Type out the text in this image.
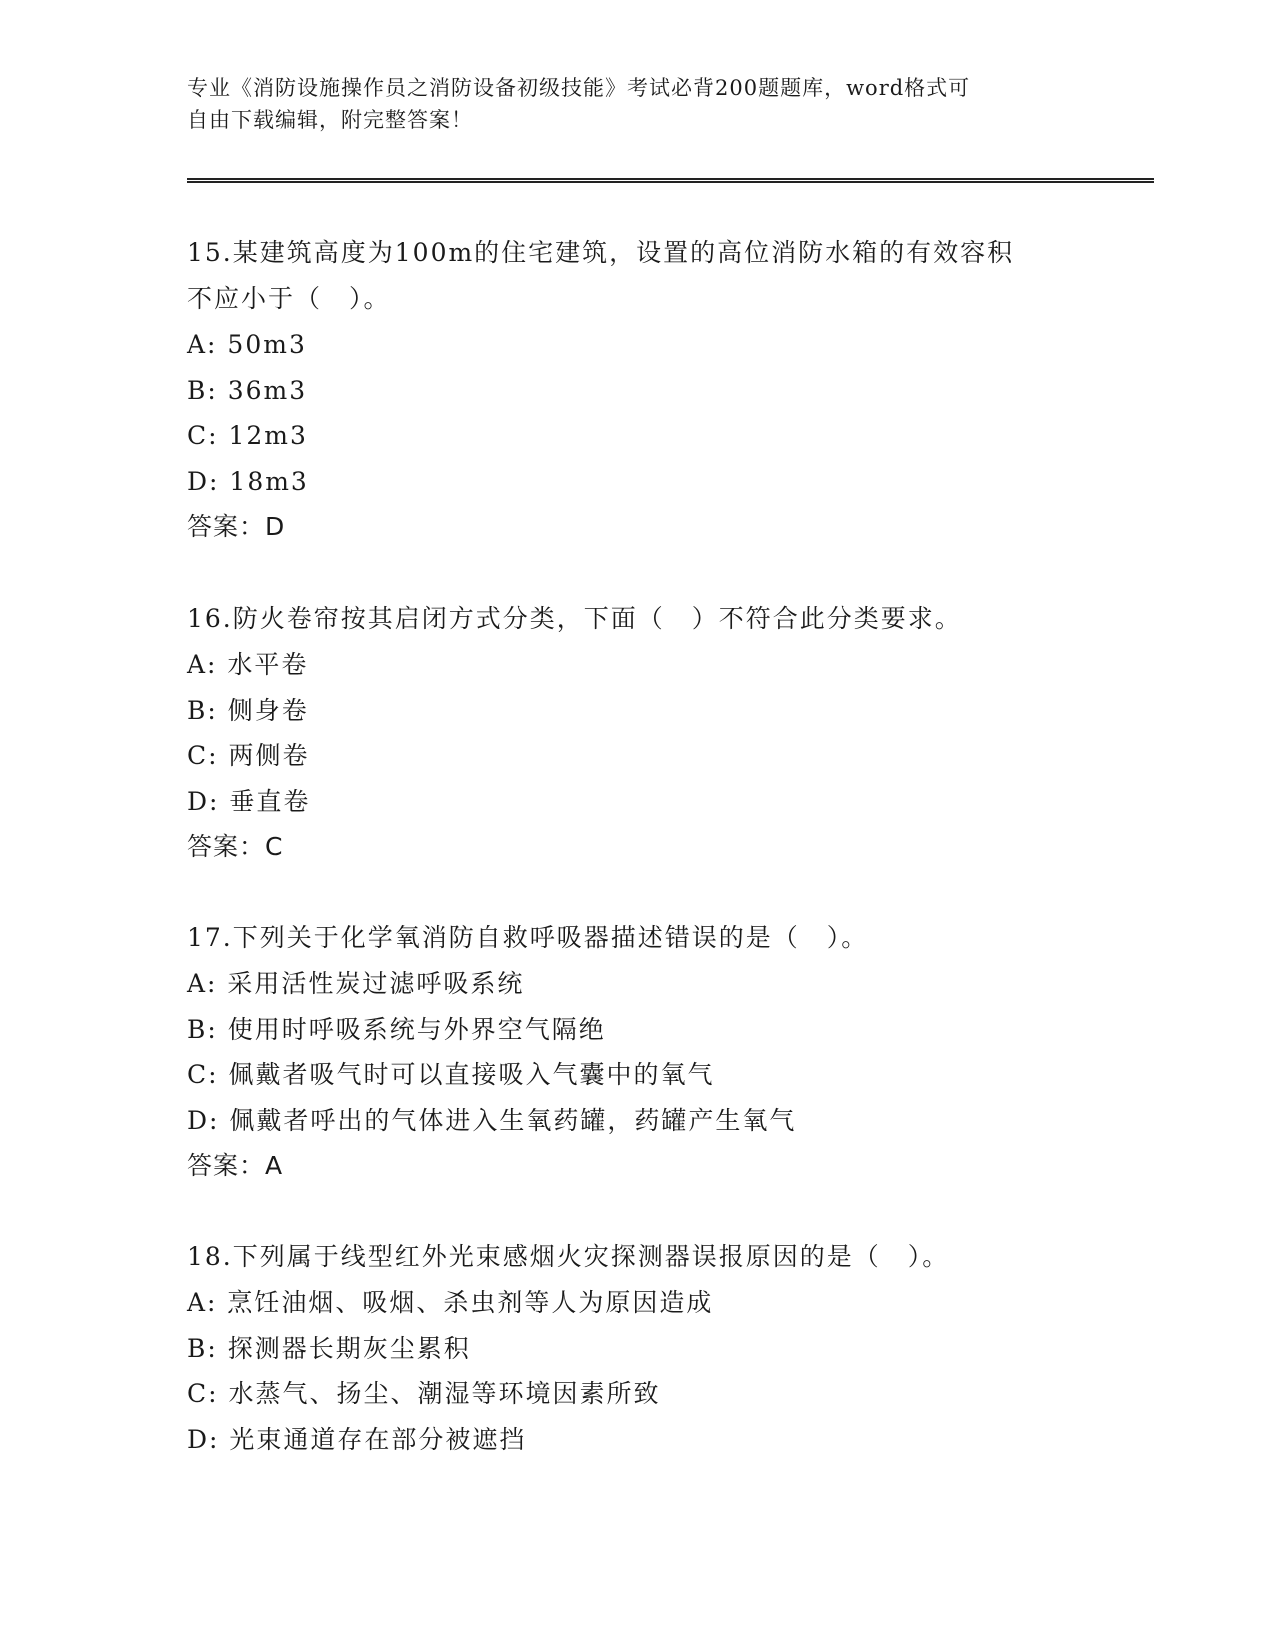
专业《消防设施操作员之消防设备初级技能》考试必背200题题库，word格式可
自由下载编辑，附完整答案！

15.某建筑高度为100m的住宅建筑，设置的高位消防水箱的有效容积

不应小于（　）。

A: 50m3

B: 36m3

C: 12m3

D: 18m3

答案：D

16.防火卷帘按其启闭方式分类，下面（　）不符合此分类要求。

A: 水平卷

B: 侧身卷

C: 两侧卷

D: 垂直卷

答案：C

17.下列关于化学氧消防自救呼吸器描述错误的是（　）。

A: 采用活性炭过滤呼吸系统

B: 使用时呼吸系统与外界空气隔绝

C: 佩戴者吸气时可以直接吸入气囊中的氧气

D: 佩戴者呼出的气体进入生氧药罐，药罐产生氧气

答案：A

18.下列属于线型红外光束感烟火灾探测器误报原因的是（　）。

A: 烹饪油烟、吸烟、杀虫剂等人为原因造成

B: 探测器长期灰尘累积

C: 水蒸气、扬尘、潮湿等环境因素所致

D: 光束通道存在部分被遮挡
